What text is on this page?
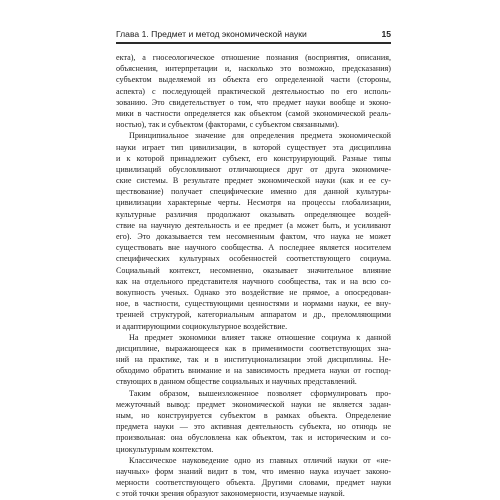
Глава 1. Предмет и метод экономической науки	15
екта), а гносеологическое отношение познания (восприятия, описания,
объяснения, интерпретации и, насколько это возможно, предсказания)
субъектом выделяемой из объекта его определенной части (стороны,
аспекта) с последующей практической деятельностью по его исполь-
зованию. Это свидетельствует о том, что предмет науки вообще и эконо-
мики в частности определяется как объектом (самой экономической реаль-
ностью), так и субъектом (факторами, с субъектом связанными).
Принципиальное значение для определения предмета экономической
науки играет тип цивилизации, в которой существует эта дисциплина
и к которой принадлежит субъект, его конструирующий. Разные типы
цивилизаций обусловливают отличающиеся друг от друга экономиче-
ские системы. В результате предмет экономической науки (как и ее су-
ществование) получает специфические именно для данной культуры-
цивилизации характерные черты. Несмотря на процессы глобализации,
культурные различия продолжают оказывать определяющее воздей-
ствие на научную деятельность и ее предмет (а может быть, и усиливают
его). Это доказывается тем несомненным фактом, что наука не может
существовать вне научного сообщества. А последнее является носителем
специфических культурных особенностей соответствующего социума.
Социальный контекст, несомненно, оказывает значительное влияние
как на отдельного представителя научного сообщества, так и на всю со-
вокупность ученых. Однако это воздействие не прямое, а опосредован-
ное, в частности, существующими ценностями и нормами науки, ее вну-
тренней структурой, категориальным аппаратом и др., преломляющими
и адаптирующими социокультурное воздействие.
На предмет экономики влияет также отношение социума к данной
дисциплине, выражающееся как в применимости соответствующих зна-
ний на практике, так и в институционализации этой дисциплины. Не-
обходимо обратить внимание и на зависимость предмета науки от господ-
ствующих в данном обществе социальных и научных представлений.
Таким образом, вышеизложенное позволяет сформулировать про-
межуточный вывод: предмет экономической науки не является задан-
ным, но конструируется субъектом в рамках объекта. Определение
предмета науки — это активная деятельность субъекта, но отнюдь не
произвольная: она обусловлена как объектом, так и историческим и со-
циокультурным контекстом.
Классическое науковедение одно из главных отличий науки от «не-
научных» форм знаний видит в том, что именно наука изучает законо-
мерности соответствующего объекта. Другими словами, предмет науки
с этой точки зрения образуют закономерности, изучаемые наукой.
